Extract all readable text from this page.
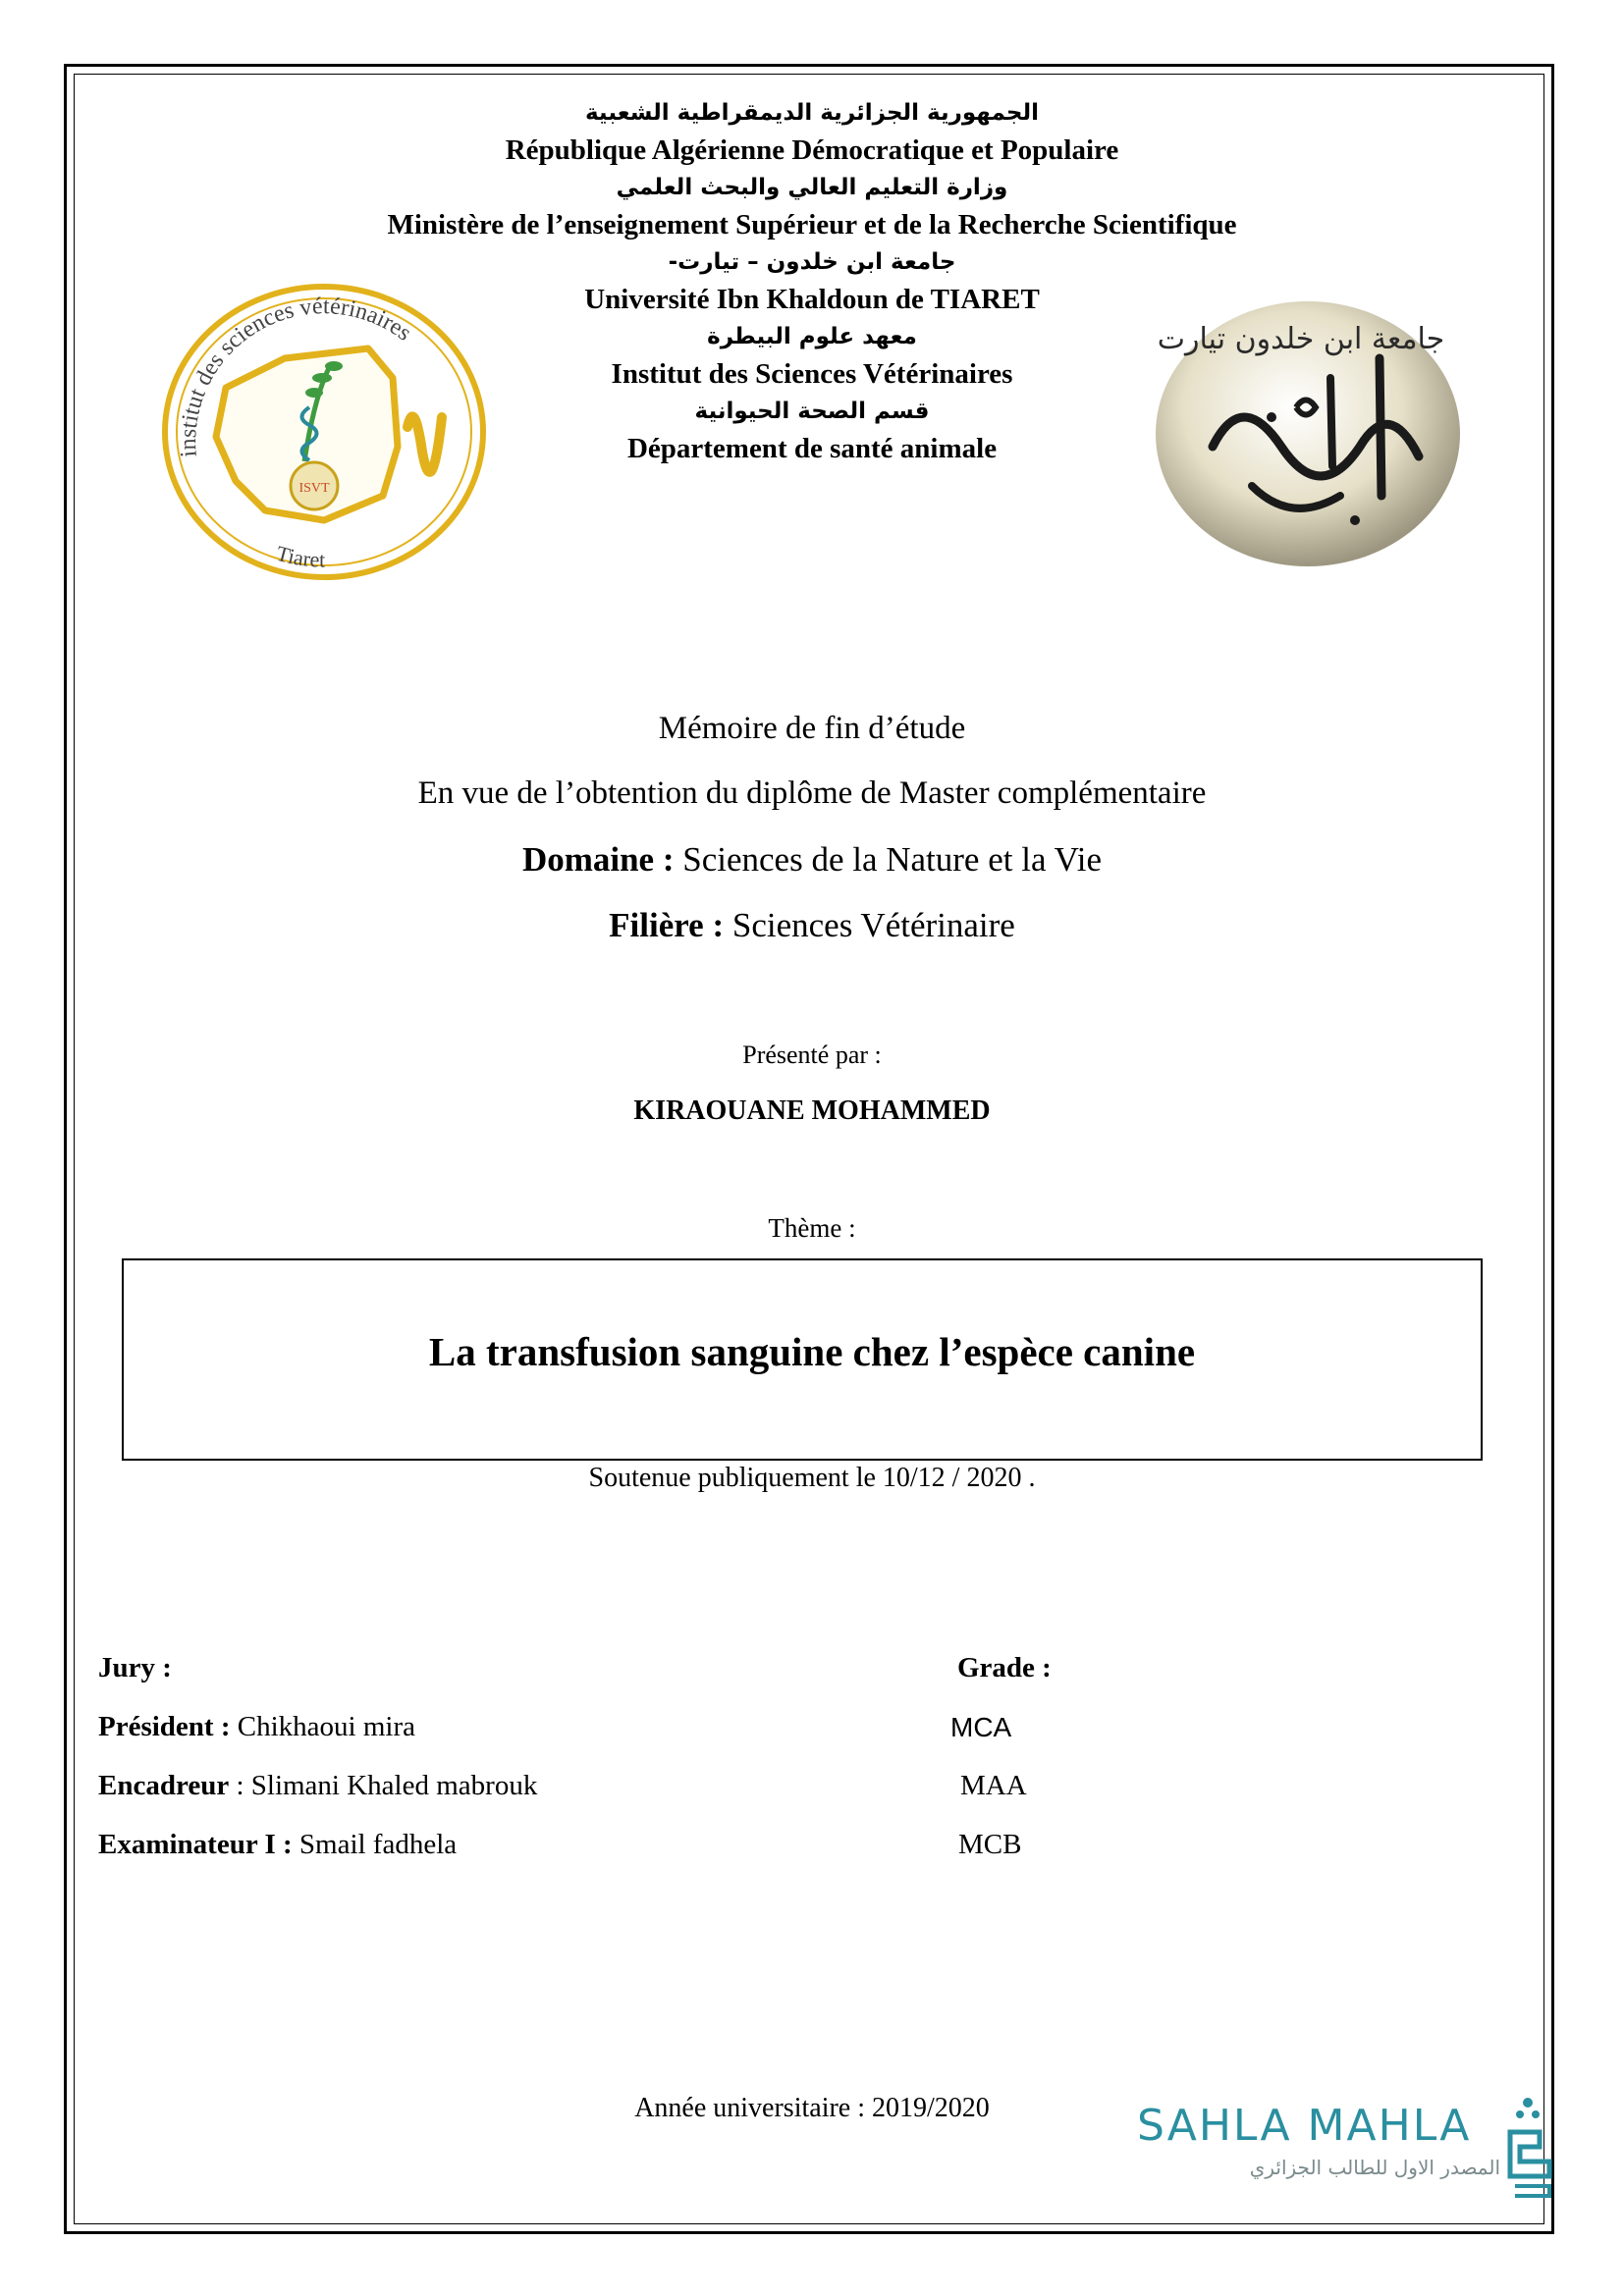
الجمهورية الجزائرية الديمقراطية الشعبية
République Algérienne Démocratique et Populaire
وزارة التعليم العالي والبحث العلمي
Ministère de l’enseignement Supérieur et de la Recherche Scientifique
جامعة ابن خلدون – تيارت-
Université Ibn Khaldoun de TIARET
معهد علوم البيطرة
Institut des Sciences Vétérinaires
قسم الصحة الحيوانية
Département de santé animale
ISVT
institut des sciences vétérinaires
Tiaret
جامعة ابن خلدون تيارت
Mémoire de fin d’étude
En vue de l’obtention du diplôme de Master complémentaire
Domaine : Sciences de la Nature et la Vie
Filière : Sciences Vétérinaire
Présenté par :
KIRAOUANE MOHAMMED
Thème :
La transfusion sanguine chez l’espèce canine
Soutenue publiquement le 10/12 / 2020 .
Jury :	Grade :
Président : Chikhaoui mira	MCA
Encadreur : Slimani Khaled mabrouk	MAA
Examinateur I : Smail fadhela	MCB
Année universitaire : 2019/2020	SAHLA MAHLA
المصدر الاول للطالب الجزائري
